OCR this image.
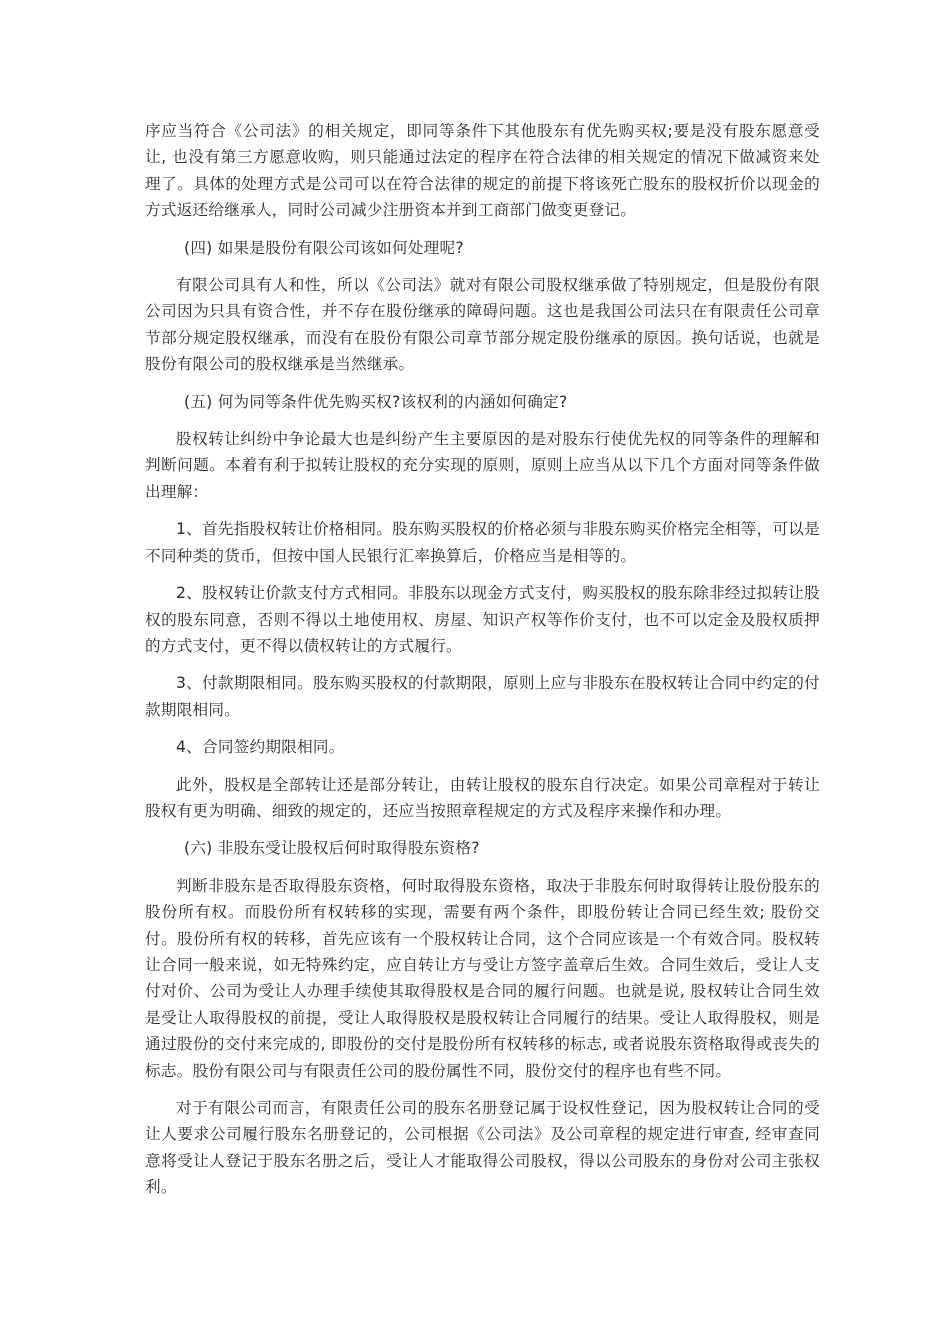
序应当符合《公司法》的相关规定，即同等条件下其他股东有优先购买权;要是没有股东愿意受让, 也没有第三方愿意收购，则只能通过法定的程序在符合法律的相关规定的情况下做减资来处理了。具体的处理方式是公司可以在符合法律的规定的前提下将该死亡股东的股权折价以现金的方式返还给继承人，同时公司减少注册资本并到工商部门做变更登记。

(四) 如果是股份有限公司该如何处理呢?

有限公司具有人和性，所以《公司法》就对有限公司股权继承做了特别规定，但是股份有限公司因为只具有资合性，并不存在股份继承的障碍问题。这也是我国公司法只在有限责任公司章节部分规定股权继承，而没有在股份有限公司章节部分规定股份继承的原因。换句话说，也就是股份有限公司的股权继承是当然继承。

(五) 何为同等条件优先购买权?该权利的内涵如何确定?

股权转让纠纷中争论最大也是纠纷产生主要原因的是对股东行使优先权的同等条件的理解和判断问题。本着有利于拟转让股权的充分实现的原则，原则上应当从以下几个方面对同等条件做出理解：

1、首先指股权转让价格相同。股东购买股权的价格必须与非股东购买价格完全相等，可以是不同种类的货币，但按中国人民银行汇率换算后，价格应当是相等的。

2、股权转让价款支付方式相同。非股东以现金方式支付，购买股权的股东除非经过拟转让股权的股东同意，否则不得以土地使用权、房屋、知识产权等作价支付，也不可以定金及股权质押的方式支付，更不得以债权转让的方式履行。

3、付款期限相同。股东购买股权的付款期限，原则上应与非股东在股权转让合同中约定的付款期限相同。

4、合同签约期限相同。

此外，股权是全部转让还是部分转让，由转让股权的股东自行决定。如果公司章程对于转让股权有更为明确、细致的规定的，还应当按照章程规定的方式及程序来操作和办理。

(六) 非股东受让股权后何时取得股东资格?

判断非股东是否取得股东资格，何时取得股东资格，取决于非股东何时取得转让股份股东的股份所有权。而股份所有权转移的实现，需要有两个条件，即股份转让合同已经生效; 股份交付。股份所有权的转移，首先应该有一个股权转让合同，这个合同应该是一个有效合同。股权转让合同一般来说，如无特殊约定，应自转让方与受让方签字盖章后生效。合同生效后，受让人支付对价、公司为受让人办理手续使其取得股权是合同的履行问题。也就是说, 股权转让合同生效是受让人取得股权的前提，受让人取得股权是股权转让合同履行的结果。受让人取得股权，则是通过股份的交付来完成的, 即股份的交付是股份所有权转移的标志, 或者说股东资格取得或丧失的标志。股份有限公司与有限责任公司的股份属性不同，股份交付的程序也有些不同。

对于有限公司而言，有限责任公司的股东名册登记属于设权性登记，因为股权转让合同的受让人要求公司履行股东名册登记的，公司根据《公司法》及公司章程的规定进行审查, 经审查同意将受让人登记于股东名册之后，受让人才能取得公司股权，得以公司股东的身份对公司主张权利。
